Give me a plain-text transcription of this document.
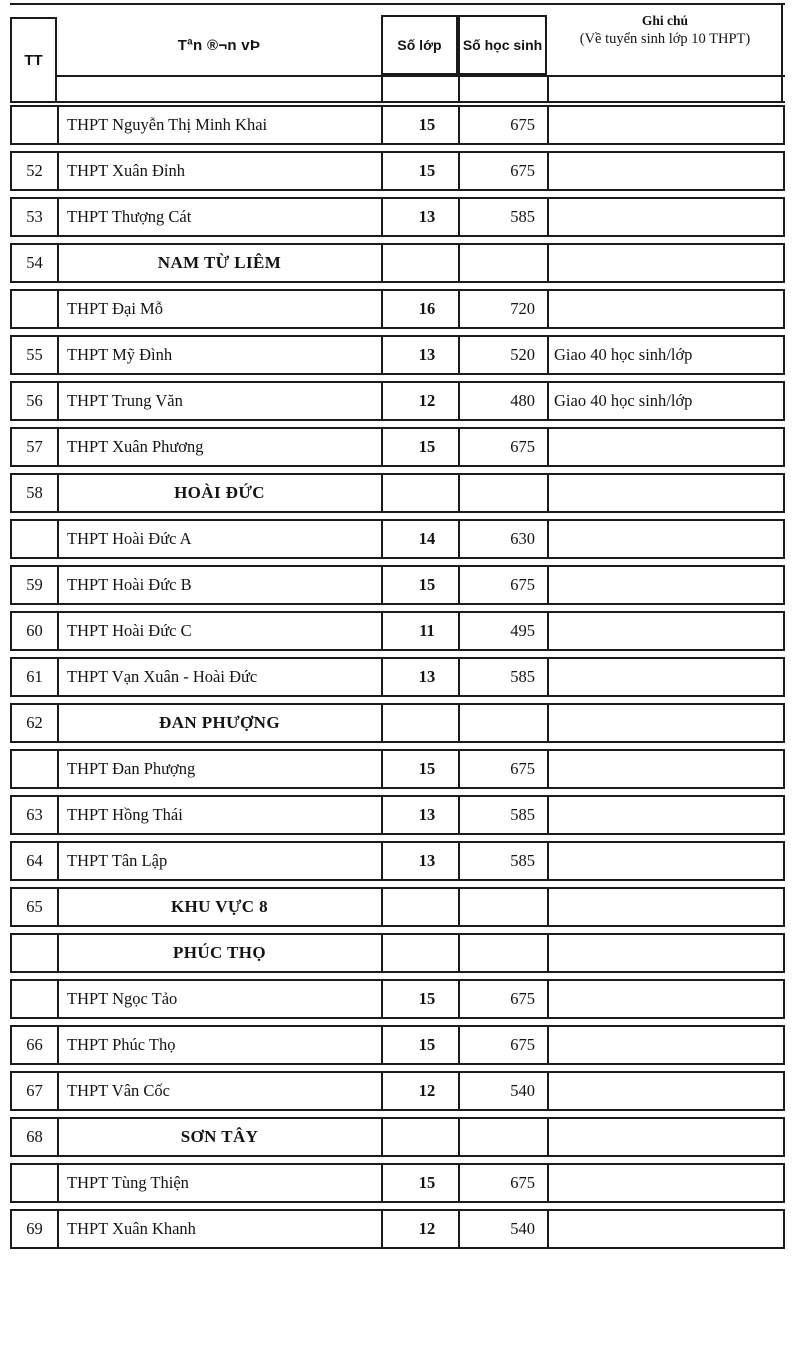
TT
Tªn ®¬n vÞ	Số lớp Số học sinh
Ghi chú
(Về tuyển sinh lớp 10 THPT)
	THPT Nguyễn Thị Minh Khai	15	675	
52	THPT Xuân Đỉnh	15	675	
53	THPT Thượng Cát	13	585	
54	NAM TỪ LIÊM			
	THPT Đại Mỗ	16	720	
55	THPT Mỹ Đình	13	520	Giao 40 học sinh/lớp
56	THPT Trung Văn	12	480	Giao 40 học sinh/lớp
57	THPT Xuân Phương	15	675	
58	HOÀI ĐỨC			
	THPT Hoài Đức A	14	630	
59	THPT Hoài Đức B	15	675	
60	THPT Hoài Đức C	11	495	
61	THPT Vạn Xuân - Hoài Đức	13	585	
62	ĐAN PHƯỢNG			
	THPT Đan Phượng	15	675	
63	THPT Hồng Thái	13	585	
64	THPT Tân Lập	13	585	
65	KHU VỰC 8			
	PHÚC THỌ			
	THPT Ngọc Tảo	15	675	
66	THPT Phúc Thọ	15	675	
67	THPT Vân Cốc	12	540	
68	SƠN TÂY			
	THPT Tùng Thiện	15	675	
69	THPT Xuân Khanh	12	540	
